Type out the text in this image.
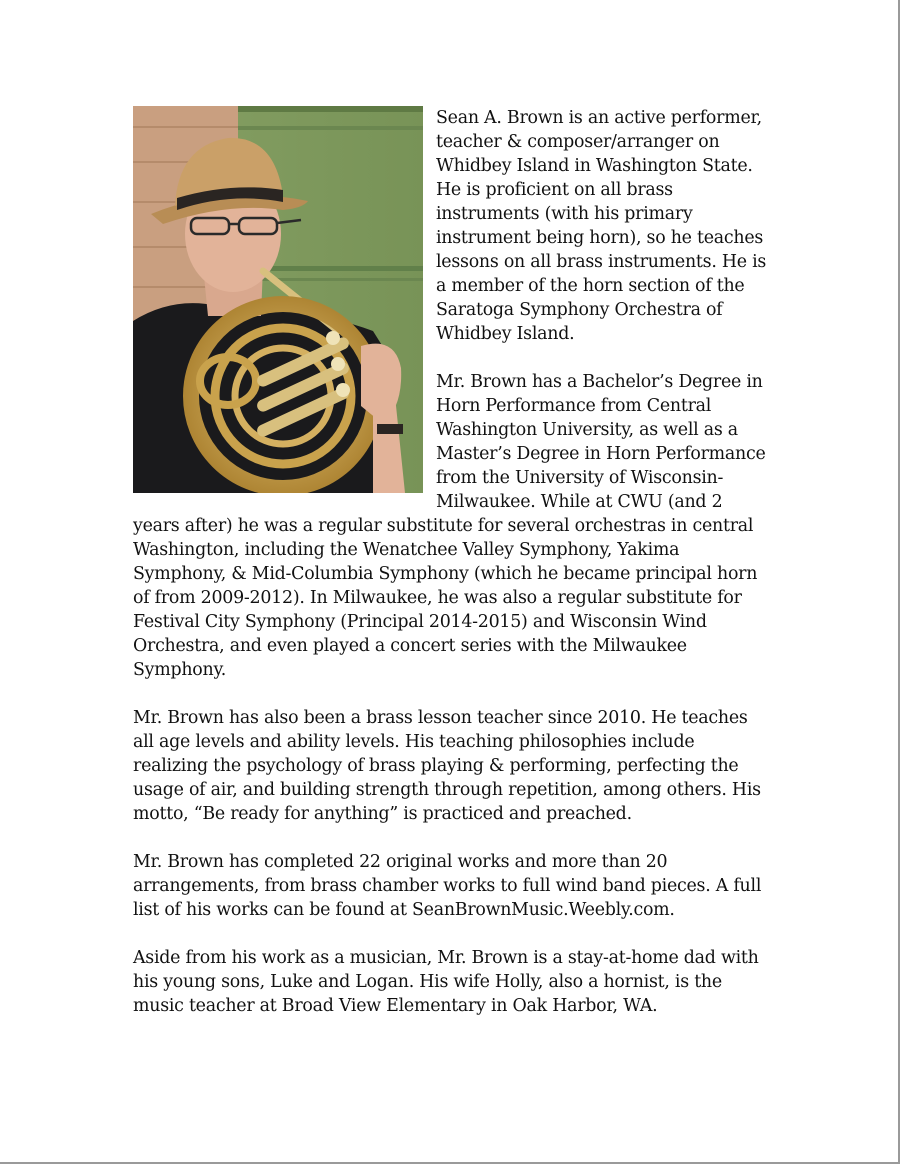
Sean A. Brown is an active performer, teacher & composer/arranger on Whidbey Island in Washington State. He is proficient on all brass instruments (with his primary instrument being horn), so he teaches lessons on all brass instruments. He is a member of the horn section of the Saratoga Symphony Orchestra of Whidbey Island.

Mr. Brown has a Bachelor’s Degree in Horn Performance from Central Washington University, as well as a Master’s Degree in Horn Performance from the University of Wisconsin-Milwaukee. While at CWU (and 2 years after) he was a regular substitute for several orchestras in central Washington, including the Wenatchee Valley Symphony, Yakima Symphony, & Mid-Columbia Symphony (which he became principal horn of from 2009-2012). In Milwaukee, he was also a regular substitute for Festival City Symphony (Principal 2014-2015) and Wisconsin Wind Orchestra, and even played a concert series with the Milwaukee Symphony.

Mr. Brown has also been a brass lesson teacher since 2010. He teaches all age levels and ability levels. His teaching philosophies include realizing the psychology of brass playing & performing, perfecting the usage of air, and building strength through repetition, among others. His motto, “Be ready for anything” is practiced and preached.

Mr. Brown has completed 22 original works and more than 20 arrangements, from brass chamber works to full wind band pieces. A full list of his works can be found at SeanBrownMusic.Weebly.com.

Aside from his work as a musician, Mr. Brown is a stay-at-home dad with his young sons, Luke and Logan. His wife Holly, also a hornist, is the music teacher at Broad View Elementary in Oak Harbor, WA.
